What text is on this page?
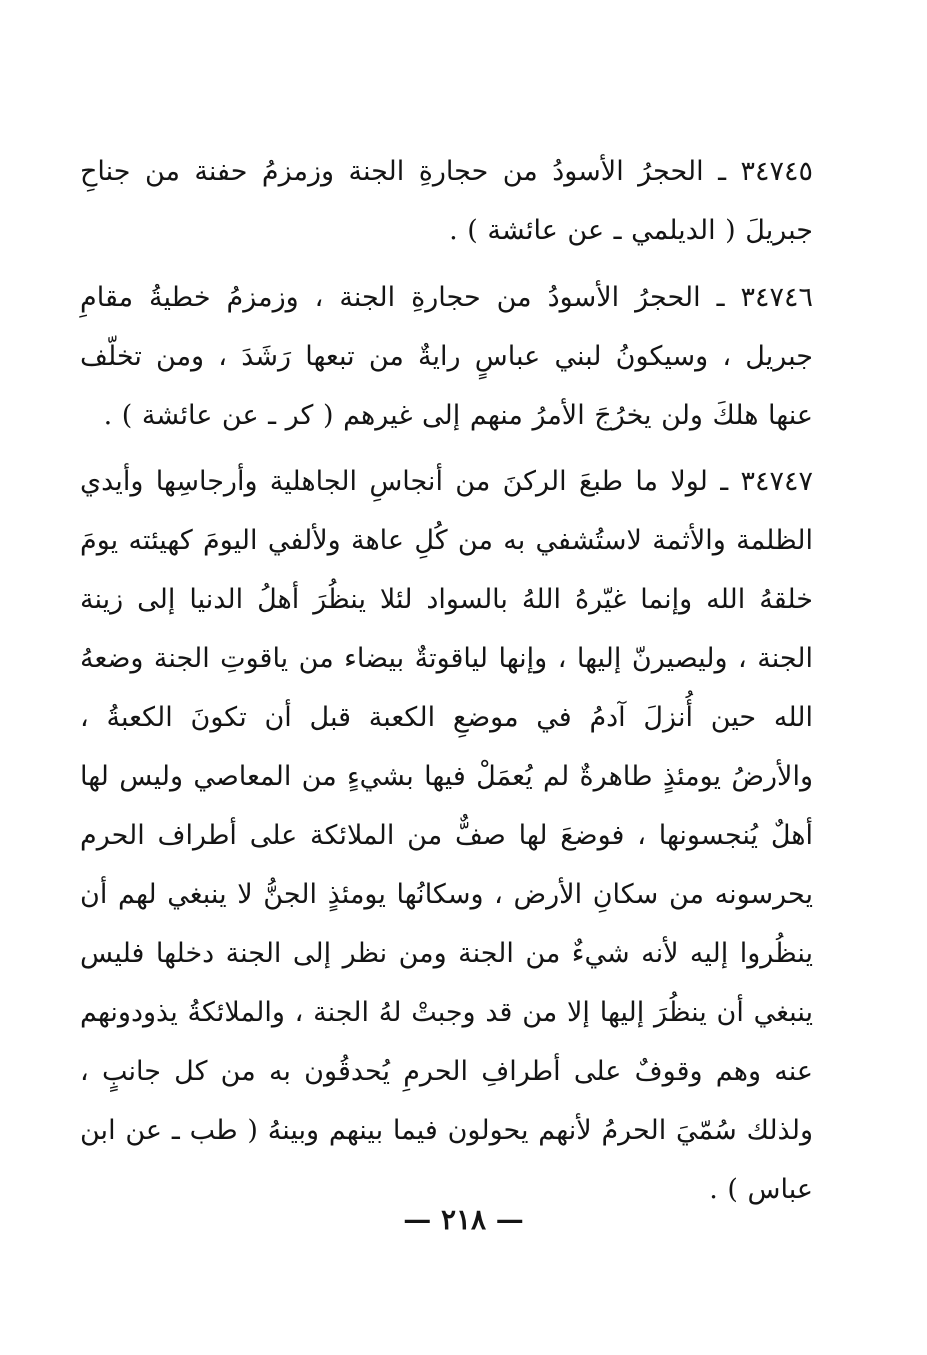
٣٤٧٤٥ ـ الحجرُ الأسودُ من حجارةِ الجنة وزمزمُ حفنة من جناحِ جبريلَ ( الديلمي ـ عن عائشة ) .

٣٤٧٤٦ ـ الحجرُ الأسودُ من حجارةِ الجنة ، وزمزمُ خطيةُ مقامِ جبريل ، وسيكونُ لبني عباسٍ رايةٌ من تبعها رَشَدَ ، ومن تخلّف عنها هلكَ ولن يخرُجَ الأمرُ منهم إلى غيرهم ( كر ـ عن عائشة ) .

٣٤٧٤٧ ـ لولا ما طبعَ الركنَ من أنجاسِ الجاهلية وأرجاسِها وأيدي الظلمة والأثمة لاستُشفي به من كُلِ عاهة ولألفي اليومَ كهيئته يومَ خلقهُ الله وإنما غيّرهُ اللهُ بالسواد لئلا ينظُرَ أهلُ الدنيا إلى زينة الجنة ، وليصيرنّ إليها ، وإنها لياقوتةٌ بيضاء من ياقوتِ الجنة وضعهُ الله حين أُنزلَ آدمُ في موضعِ الكعبة قبل أن تكونَ الكعبةُ ، والأرضُ يومئذٍ طاهرةٌ لم يُعمَلْ فيها بشيءٍ من المعاصي وليس لها أهلٌ يُنجسونها ، فوضعَ لها صفٌّ من الملائكة على أطراف الحرم يحرسونه من سكانِ الأرض ، وسكانُها يومئذٍ الجنُّ لا ينبغي لهم أن ينظُروا إليه لأنه شيءٌ من الجنة ومن نظر إلى الجنة دخلها فليس ينبغي أن ينظُرَ إليها إلا من قد وجبتْ لهُ الجنة ، والملائكةُ يذودونهم عنه وهم وقوفٌ على أطرافِ الحرمِ يُحدقُون به من كل جانبٍ ، ولذلك سُمّيَ الحرمُ لأنهم يحولون فيما بينهم وبينهُ ( طب ـ عن ابن عباس ) .

— ٢١٨ —
